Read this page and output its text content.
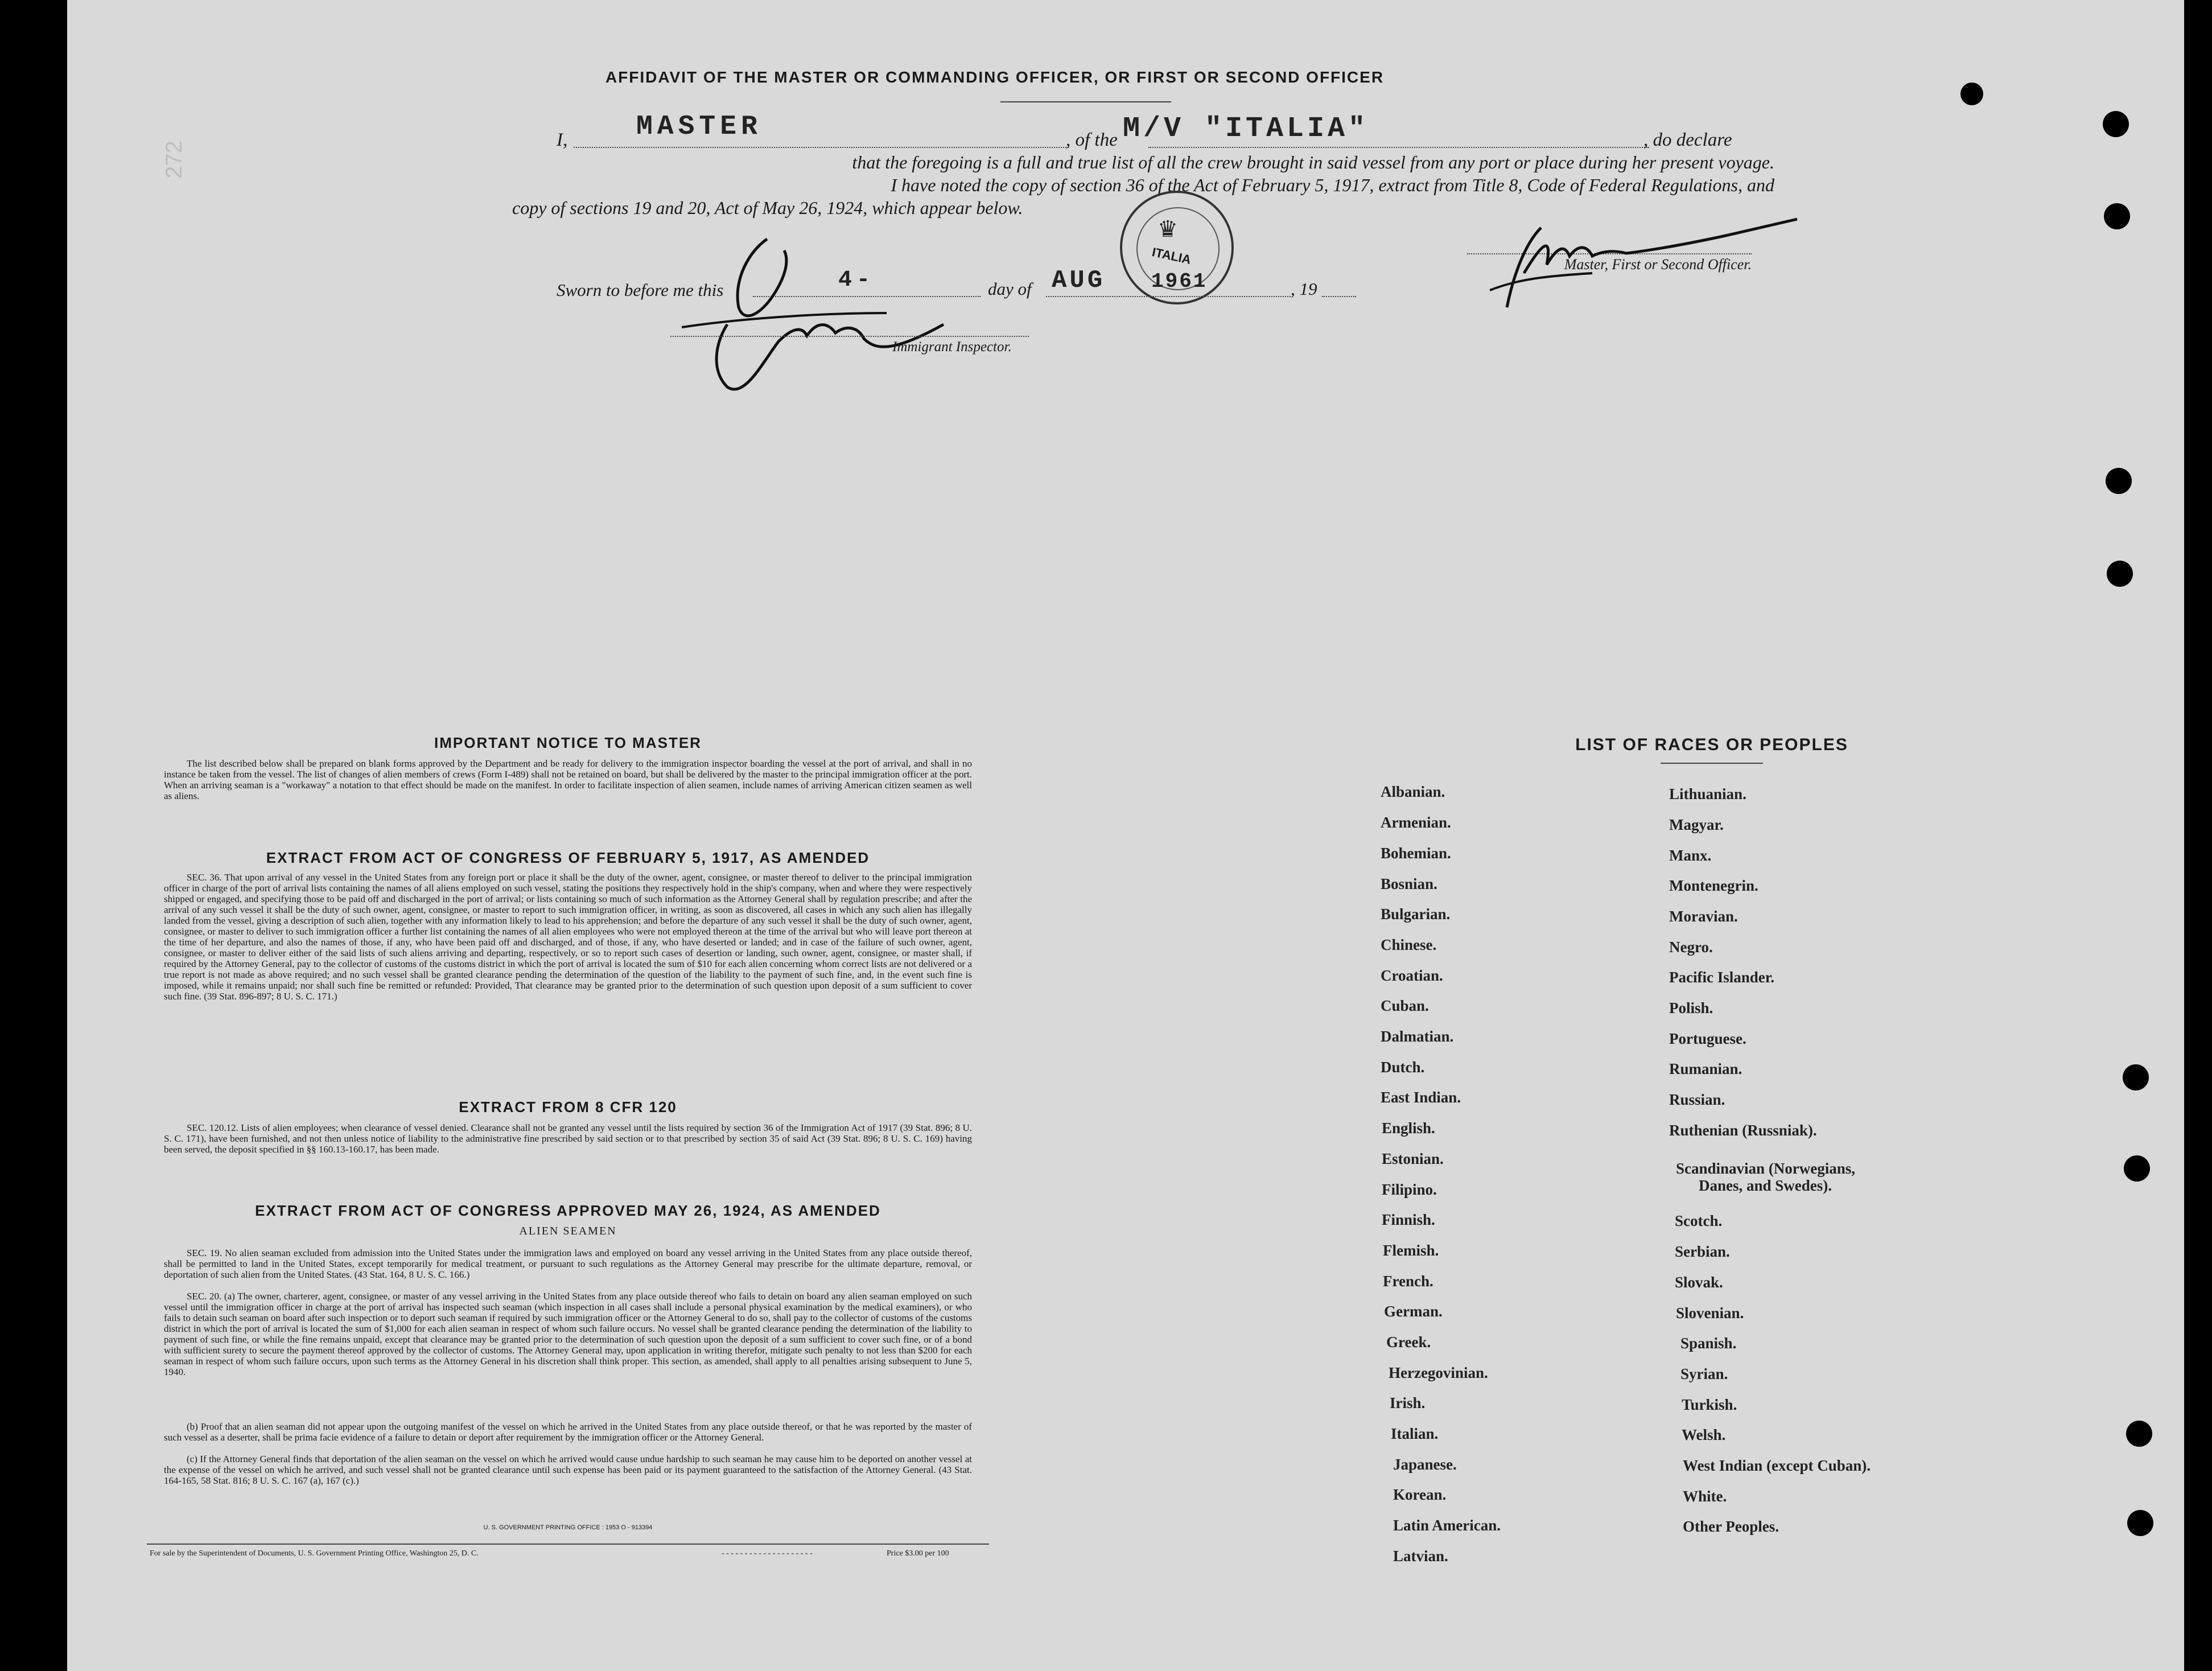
272
AFFIDAVIT OF THE MASTER OR COMMANDING OFFICER, OR FIRST OR SECOND OFFICER
I,	MASTER	, of the M/V "ITALIA"	, do declare
that the foregoing is a full and true list of all the crew brought in said vessel from any port or place during her present voyage.
I have noted the copy of section 36 of the Act of February 5, 1917, extract from Title 8, Code of Federal Regulations, and
copy of sections 19 and 20, Act of May 26, 1924, which appear below.
♛
ITALIA	Master, First or Second Officer.
Sworn to before me this	4-	day of AUG 1961	, 19
Immigrant Inspector.
IMPORTANT NOTICE TO MASTER
The list described below shall be prepared on blank forms approved by the Department and be ready for delivery to the immigration inspector boarding the vessel at the port of arrival, and shall in no instance be taken from the vessel. The list of changes of alien members of crews (Form I-489) shall not be retained on board, but shall be delivered by the master to the principal immigration officer at the port. When an arriving seaman is a "workaway" a notation to that effect should be made on the manifest. In order to facilitate inspection of alien seamen, include names of arriving American citizen seamen as well as aliens.
EXTRACT FROM ACT OF CONGRESS OF FEBRUARY 5, 1917, AS AMENDED
SEC. 36. That upon arrival of any vessel in the United States from any foreign port or place it shall be the duty of the owner, agent, consignee, or master thereof to deliver to the principal immigration officer in charge of the port of arrival lists containing the names of all aliens employed on such vessel, stating the positions they respectively hold in the ship's company, when and where they were respectively shipped or engaged, and specifying those to be paid off and discharged in the port of arrival; or lists containing so much of such information as the Attorney General shall by regulation prescribe; and after the arrival of any such vessel it shall be the duty of such owner, agent, consignee, or master to report to such immigration officer, in writing, as soon as discovered, all cases in which any such alien has illegally landed from the vessel, giving a description of such alien, together with any information likely to lead to his apprehension; and before the departure of any such vessel it shall be the duty of such owner, agent, consignee, or master to deliver to such immigration officer a further list containing the names of all alien employees who were not employed thereon at the time of the arrival but who will leave port thereon at the time of her departure, and also the names of those, if any, who have been paid off and discharged, and of those, if any, who have deserted or landed; and in case of the failure of such owner, agent, consignee, or master to deliver either of the said lists of such aliens arriving and departing, respectively, or so to report such cases of desertion or landing, such owner, agent, consignee, or master shall, if required by the Attorney General, pay to the collector of customs of the customs district in which the port of arrival is located the sum of $10 for each alien concerning whom correct lists are not delivered or a true report is not made as above required; and no such vessel shall be granted clearance pending the determination of the question of the liability to the payment of such fine, and, in the event such fine is imposed, while it remains unpaid; nor shall such fine be remitted or refunded: Provided, That clearance may be granted prior to the determination of such question upon deposit of a sum sufficient to cover such fine. (39 Stat. 896-897; 8 U. S. C. 171.)
EXTRACT FROM 8 CFR 120
SEC. 120.12. Lists of alien employees; when clearance of vessel denied. Clearance shall not be granted any vessel until the lists required by section 36 of the Immigration Act of 1917 (39 Stat. 896; 8 U. S. C. 171), have been furnished, and not then unless notice of liability to the administrative fine prescribed by said section or to that prescribed by section 35 of said Act (39 Stat. 896; 8 U. S. C. 169) having been served, the deposit specified in §§ 160.13-160.17, has been made.
EXTRACT FROM ACT OF CONGRESS APPROVED MAY 26, 1924, AS AMENDED
ALIEN SEAMEN
SEC. 19. No alien seaman excluded from admission into the United States under the immigration laws and employed on board any vessel arriving in the United States from any place outside thereof, shall be permitted to land in the United States, except temporarily for medical treatment, or pursuant to such regulations as the Attorney General may prescribe for the ultimate departure, removal, or deportation of such alien from the United States. (43 Stat. 164, 8 U. S. C. 166.)
SEC. 20. (a) The owner, charterer, agent, consignee, or master of any vessel arriving in the United States from any place outside thereof who fails to detain on board any alien seaman employed on such vessel until the immigration officer in charge at the port of arrival has inspected such seaman (which inspection in all cases shall include a personal physical examination by the medical examiners), or who fails to detain such seaman on board after such inspection or to deport such seaman if required by such immigration officer or the Attorney General to do so, shall pay to the collector of customs of the customs district in which the port of arrival is located the sum of $1,000 for each alien seaman in respect of whom such failure occurs. No vessel shall be granted clearance pending the determination of the liability to payment of such fine, or while the fine remains unpaid, except that clearance may be granted prior to the determination of such question upon the deposit of a sum sufficient to cover such fine, or of a bond with sufficient surety to secure the payment thereof approved by the collector of customs. The Attorney General may, upon application in writing therefor, mitigate such penalty to not less than $200 for each seaman in respect of whom such failure occurs, upon such terms as the Attorney General in his discretion shall think proper. This section, as amended, shall apply to all penalties arising subsequent to June 5, 1940.
(b) Proof that an alien seaman did not appear upon the outgoing manifest of the vessel on which he arrived in the United States from any place outside thereof, or that he was reported by the master of such vessel as a deserter, shall be prima facie evidence of a failure to detain or deport after requirement by the immigration officer or the Attorney General.
(c) If the Attorney General finds that deportation of the alien seaman on the vessel on which he arrived would cause undue hardship to such seaman he may cause him to be deported on another vessel at the expense of the vessel on which he arrived, and such vessel shall not be granted clearance until such expense has been paid or its payment guaranteed to the satisfaction of the Attorney General. (43 Stat. 164-165, 58 Stat. 816; 8 U. S. C. 167 (a), 167 (c).)
U. S. GOVERNMENT PRINTING OFFICE : 1953 O - 913394
For sale by the Superintendent of Documents, U. S. Government Printing Office, Washington 25, D. C.	- - - - - - - - - - - - - - - - - - - -	Price $3.00 per 100
LIST OF RACES OR PEOPLES
Albanian.
Armenian.
Bohemian.
Bosnian.
Bulgarian.
Chinese.
Croatian.
Cuban.
Dalmatian.
Dutch.
East Indian.
English.
Estonian.
Filipino.
Finnish.
Flemish.
French.
German.
Greek.
Herzegovinian.
Irish.
Italian.
Japanese.
Korean.
Latin American.
Latvian.
Lithuanian.
Magyar.
Manx.
Montenegrin.
Moravian.
Negro.
Pacific Islander.
Polish.
Portuguese.
Rumanian.
Russian.
Ruthenian (Russniak).
Scandinavian (Norwegians,
Danes, and Swedes).
Scotch.
Serbian.
Slovak.
Slovenian.
Spanish.
Syrian.
Turkish.
Welsh.
West Indian (except Cuban).
White.
Other Peoples.
